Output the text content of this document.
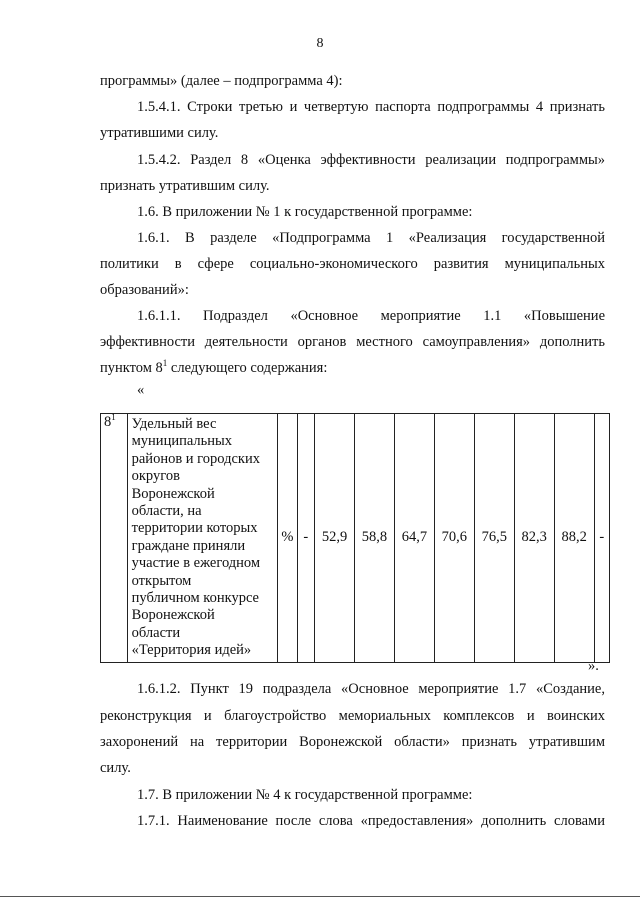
8
программы» (далее – подпрограмма 4):
1.5.4.1. Строки третью и четвертую паспорта подпрограммы 4 признать
утратившими силу.
1.5.4.2. Раздел 8 «Оценка эффективности реализации подпрограммы»
признать утратившим силу.
1.6. В приложении № 1 к государственной программе:
1.6.1. В разделе «Подпрограмма 1 «Реализация государственной
политики в сфере социально-экономического развития муниципальных
образований»:
1.6.1.1. Подраздел «Основное мероприятие 1.1 «Повышение
эффективности деятельности органов местного самоуправления» дополнить
пунктом $8^1$ следующего содержания:
«
$8^1$	Удельный вес
муниципальных
районов и городских
округов
Воронежской
области, на
территории которых
граждане приняли
участие в ежегодном
открытом
публичном конкурсе
Воронежской
области
«Территория идей»
	%	-	52,9	58,8	64,7	70,6	76,5	82,3	88,2	-
».
1.6.1.2. Пункт 19 подраздела «Основное мероприятие 1.7 «Создание,
реконструкция и благоустройство мемориальных комплексов и воинских
захоронений на территории Воронежской области» признать утратившим
силу.
1.7. В приложении № 4 к государственной программе:
1.7.1. Наименование после слова «предоставления» дополнить словами
